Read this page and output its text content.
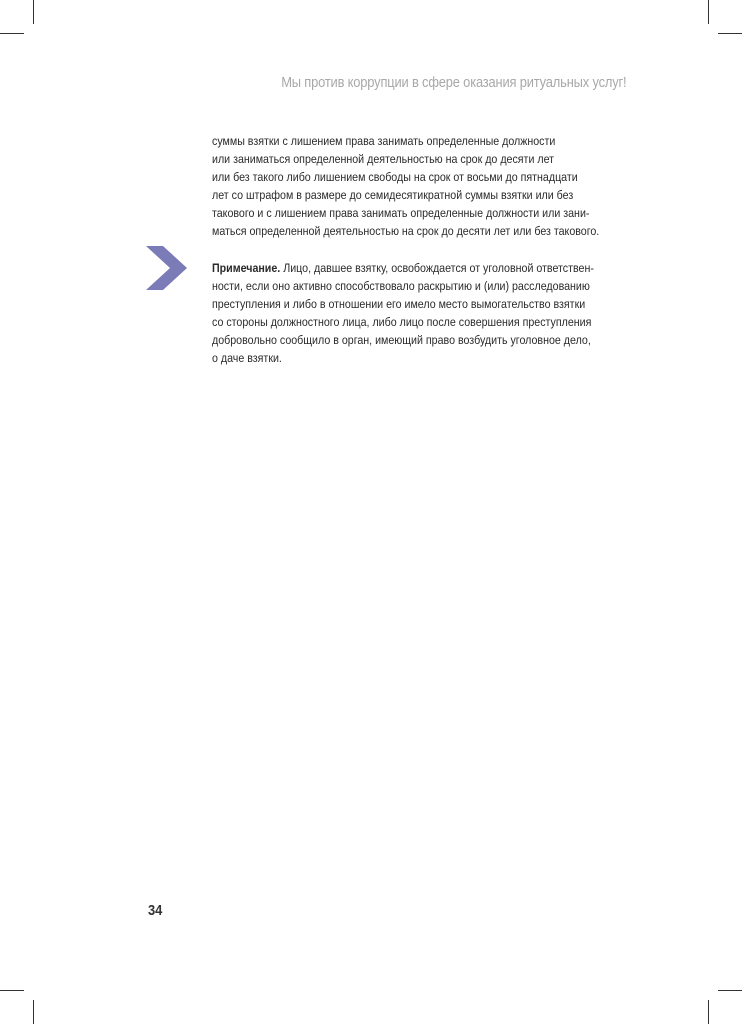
Мы против коррупции в сфере оказания ритуальных услуг!
суммы взятки с лишением права занимать определенные должности
или заниматься определенной деятельностью на срок до десяти лет
или без такого либо лишением свободы на срок от восьми до пятнадцати
лет со штрафом в размере до семидесятикратной суммы взятки или без
такового и с лишением права занимать определенные должности или зани-
маться определенной деятельностью на срок до десяти лет или без такового.
Примечание. Лицо, давшее взятку, освобождается от уголовной ответствен-
ности, если оно активно способствовало раскрытию и (или) расследованию
преступления и либо в отношении его имело место вымогательство взятки
со стороны должностного лица, либо лицо после совершения преступления
добровольно сообщило в орган, имеющий право возбудить уголовное дело,
о даче взятки.
34
